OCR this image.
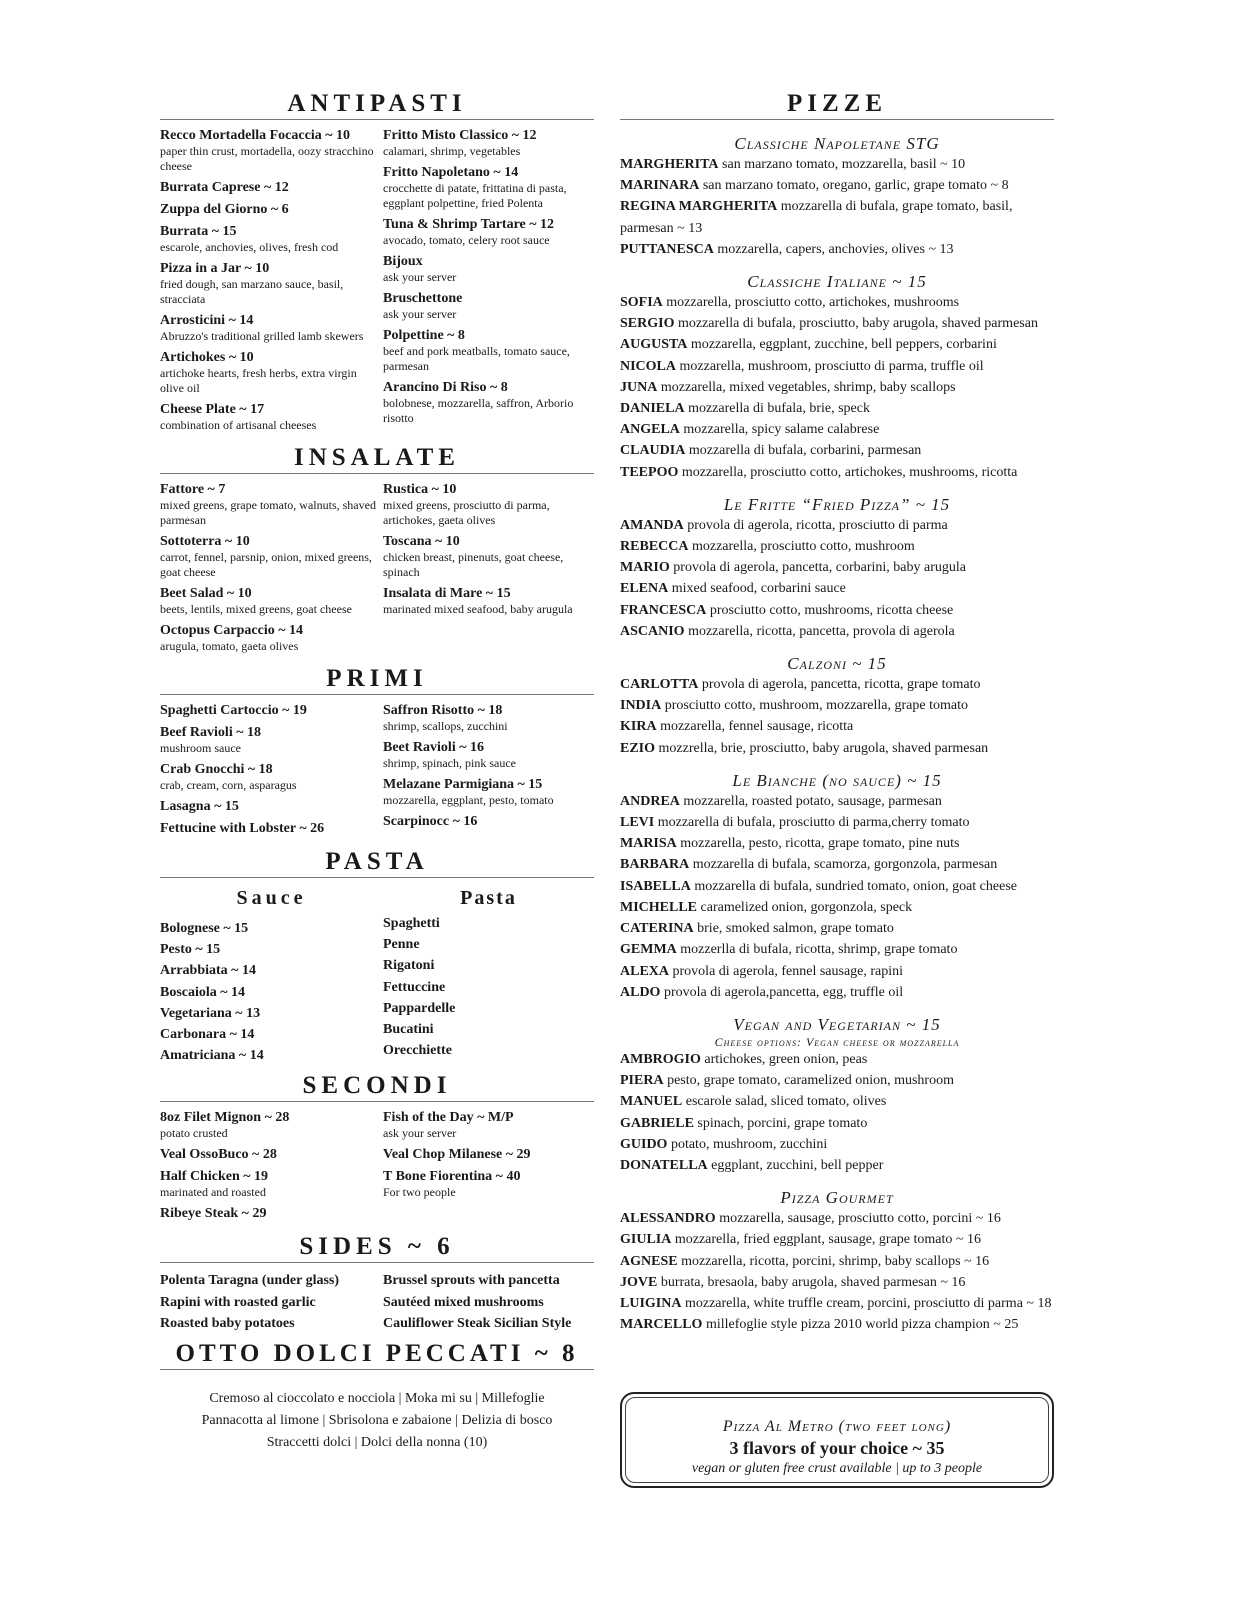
ANTIPASTI
Recco Mortadella Focaccia ~ 10
paper thin crust, mortadella, oozy stracchino cheese
Burrata Caprese ~ 12
Zuppa del Giorno ~ 6
Burrata ~ 15
escarole, anchovies, olives, fresh cod
Pizza in a Jar ~ 10
fried dough, san marzano sauce, basil, stracciata
Arrosticini ~ 14
Abruzzo's traditional grilled lamb skewers
Artichokes ~ 10
artichoke hearts, fresh herbs, extra virgin olive oil
Cheese Plate ~ 17
combination of artisanal cheeses
Fritto Misto Classico ~ 12
calamari, shrimp, vegetables
Fritto Napoletano ~ 14
crocchette di patate, frittatina di pasta, eggplant polpettine, fried Polenta
Tuna & Shrimp Tartare ~ 12
avocado, tomato, celery root sauce
Bijoux
ask your server
Bruschettone
ask your server
Polpettine ~ 8
beef and pork meatballs, tomato sauce, parmesan
Arancino Di Riso ~ 8
bolobnese, mozzarella, saffron, Arborio risotto
INSALATE
Fattore ~ 7
mixed greens, grape tomato, walnuts, shaved parmesan
Sottoterra ~ 10
carrot, fennel, parsnip, onion, mixed greens, goat cheese
Beet Salad ~ 10
beets, lentils, mixed greens, goat cheese
Octopus Carpaccio ~ 14
arugula, tomato, gaeta olives
Rustica ~ 10
mixed greens, prosciutto di parma, artichokes, gaeta olives
Toscana ~ 10
chicken breast, pinenuts, goat cheese, spinach
Insalata di Mare ~ 15
marinated mixed seafood, baby arugula
PRIMI
Spaghetti Cartoccio ~ 19
Beef Ravioli ~ 18
mushroom sauce
Crab Gnocchi ~ 18
crab, cream, corn, asparagus
Lasagna ~ 15
Fettucine with Lobster ~ 26
Saffron Risotto ~ 18
shrimp, scallops, zucchini
Beet Ravioli ~ 16
shrimp, spinach, pink sauce
Melazane Parmigiana ~ 15
mozzarella, eggplant, pesto, tomato
Scarpinocc ~ 16
PASTA
Sauce
Bolognese ~ 15
Pesto ~ 15
Arrabbiata ~ 14
Boscaiola ~ 14
Vegetariana ~ 13
Carbonara ~ 14
Amatriciana ~ 14
Pasta
Spaghetti
Penne
Rigatoni
Fettuccine
Pappardelle
Bucatini
Orecchiette
SECONDI
8oz Filet Mignon ~ 28
potato crusted
Veal OssoBuco ~ 28
Half Chicken ~ 19
marinated and roasted
Ribeye Steak ~ 29
Fish of the Day ~ M/P
ask your server
Veal Chop Milanese ~ 29
T Bone Fiorentina ~ 40
For two people
SIDES ~ 6
Polenta Taragna (under glass)
Rapini with roasted garlic
Roasted baby potatoes
Brussel sprouts with pancetta
Sautéed mixed mushrooms
Cauliflower Steak Sicilian Style
OTTO DOLCI PECCATI ~ 8
Cremoso al cioccolato e nocciola | Moka mi su | Millefoglie
Pannacotta al limone | Sbrisolona e zabaione | Delizia di bosco
Straccetti dolci | Dolci della nonna (10)
PIZZE
Classiche Napoletane STG
MARGHERITA san marzano tomato, mozzarella, basil ~ 10
MARINARA san marzano tomato, oregano, garlic, grape tomato ~ 8
REGINA MARGHERITA mozzarella di bufala, grape tomato, basil, parmesan ~ 13
PUTTANESCA mozzarella, capers, anchovies, olives ~ 13
Classiche Italiane ~ 15
SOFIA mozzarella, prosciutto cotto, artichokes, mushrooms
SERGIO mozzarella di bufala, prosciutto, baby arugola, shaved parmesan
AUGUSTA mozzarella, eggplant, zucchine, bell peppers, corbarini
NICOLA mozzarella, mushroom, prosciutto di parma, truffle oil
JUNA mozzarella, mixed vegetables, shrimp, baby scallops
DANIELA mozzarella di bufala, brie, speck
ANGELA mozzarella, spicy salame calabrese
CLAUDIA mozzarella di bufala, corbarini, parmesan
TEEPOO mozzarella, prosciutto cotto, artichokes, mushrooms, ricotta
Le Fritte “Fried Pizza” ~ 15
AMANDA provola di agerola, ricotta, prosciutto di parma
REBECCA mozzarella, prosciutto cotto, mushroom
MARIO provola di agerola, pancetta, corbarini, baby arugula
ELENA mixed seafood, corbarini sauce
FRANCESCA prosciutto cotto, mushrooms, ricotta cheese
ASCANIO mozzarella, ricotta, pancetta, provola di agerola
Calzoni ~ 15
CARLOTTA provola di agerola, pancetta, ricotta, grape tomato
INDIA prosciutto cotto, mushroom, mozzarella, grape tomato
KIRA mozzarella, fennel sausage, ricotta
EZIO mozzrella, brie, prosciutto, baby arugola, shaved parmesan
Le Bianche (no sauce) ~ 15
ANDREA mozzarella, roasted potato, sausage, parmesan
LEVI mozzarella di bufala, prosciutto di parma,cherry tomato
MARISA mozzarella, pesto, ricotta, grape tomato, pine nuts
BARBARA mozzarella di bufala, scamorza, gorgonzola, parmesan
ISABELLA mozzarella di bufala, sundried tomato, onion, goat cheese
MICHELLE caramelized onion, gorgonzola, speck
CATERINA brie, smoked salmon, grape tomato
GEMMA mozzerlla di bufala, ricotta, shrimp, grape tomato
ALEXA provola di agerola, fennel sausage, rapini
ALDO provola di agerola,pancetta, egg, truffle oil
Vegan and Vegetarian ~ 15
Cheese options: Vegan cheese or mozzarella
AMBROGIO artichokes, green onion, peas
PIERA pesto, grape tomato, caramelized onion, mushroom
MANUEL escarole salad, sliced tomato, olives
GABRIELE spinach, porcini, grape tomato
GUIDO potato, mushroom, zucchini
DONATELLA eggplant, zucchini, bell pepper
Pizza Gourmet
ALESSANDRO mozzarella, sausage, prosciutto cotto, porcini ~ 16
GIULIA mozzarella, fried eggplant, sausage, grape tomato ~ 16
AGNESE mozzarella, ricotta, porcini, shrimp, baby scallops ~ 16
JOVE burrata, bresaola, baby arugola, shaved parmesan ~ 16
LUIGINA mozzarella, white truffle cream, porcini, prosciutto di parma ~ 18
MARCELLO millefoglie style pizza 2010 world pizza champion ~ 25
Pizza Al Metro (two feet long)
3 flavors of your choice ~ 35
vegan or gluten free crust available | up to 3 people
